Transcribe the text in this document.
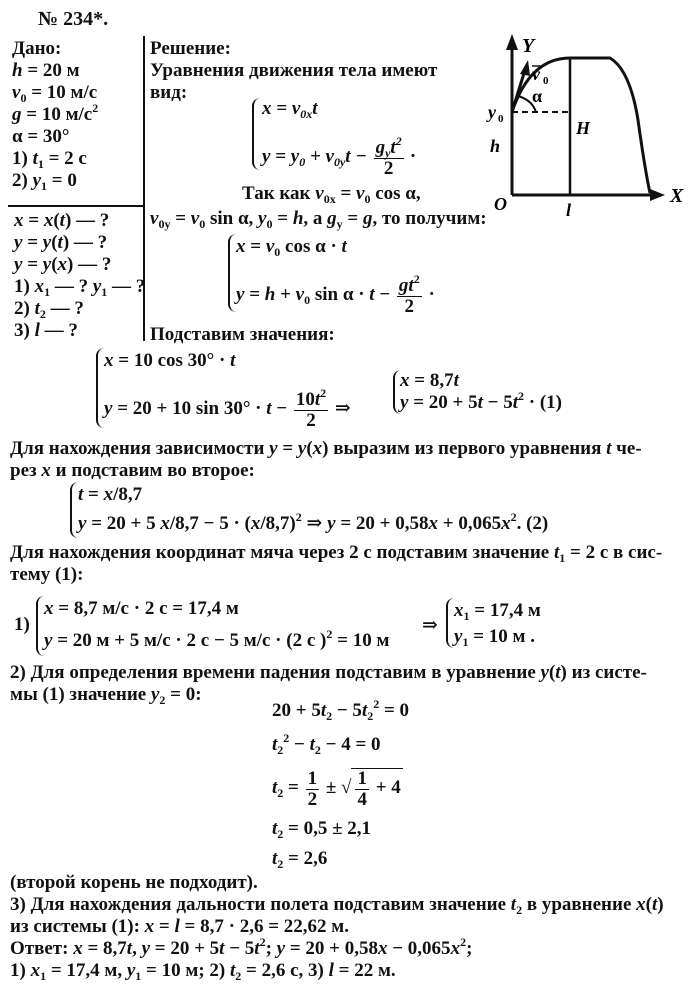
№ 234*.
Дано:
h = 20 м
$v_0 = 10$ м/с
g = 10 $м/с^2$
α = 30°
1) $t_1 = 2$ с
2) $y_1 = 0$
x = x(t) — ?
y = y(t) — ?
y = y(x) — ?
1) $x_1$ — ? $y_1$ — ?
2) $t_2$ — ?
3) l — ?
Решение:
Уравнения движения тела имеют
вид:
$x = v_{0x}t$
$y = y_0 + v_{0y}t - \frac{g_yt^2}{2}$ ·
Так как $v_{0x} = v_0$ cos α,
$v_{0y} = v_0$ sin α, $y_0 = h$, а $g_y = g$, то получим:
$x = v_0$ cos α · t
$y = h + v_0$ $\sin \alpha \cdot t - \frac{gt^2}{2}$ ·
Подставим значения:
x = 10 cos 30° · t
y = 20 + 10 $\sin 30^\circ \cdot t - \frac{10t^2}{2}$ ⇒
x = 8,7t
$y = 20 + 5t - 5t^2 \cdot (1)$
Для нахождения зависимости y = y(x) выразим из первого уравнения t че-
рез x и подставим во второе:
t = x/8,7
y = 20 + 5 $x/8,7 - 5 \cdot (x/8,7)^2$ ⇒ $y = 20 + 0,58x + 0,065x^2$. (2)
Для нахождения координат мяча через 2 с подставим значение $t_1 = 2$ с в сис-
тему (1):
1)
x = 8,7 м/с · 2 с = 17,4 м
y = 20 м + 5 м/с · 2 с − 5 м/с · (2 с )$^2$ = 10 м
⇒
$x_1 = 17,4$ м
$y_1 = 10$ м .
2) Для определения времени падения подставим в уравнение y(t) из систе-
мы (1) значение $y_2 = 0$:
$20 + 5t_2 - 5t_2^2 = 0$
$t_2^2 - t_2 - 4 = 0$
$t_2 = \frac{1}{2}$ ± √ $\frac{1}{4} + 4$
$t_2 = 0,5 \pm 2,1$
$t_2 = 2,6$
(второй корень не подходит).
3) Для нахождения дальности полета подставим значение $t_2$ в уравнение x(t)
из системы (1): x = l = 8,7 · 2,6 = 22,62 м.
Ответ: x = 8,7t, $y = 20 + 5t - 5t^2$; $y = 20 + 0,58x - 0,065x^2$;
1) $x_1 = 17,4$ м, $y_1 = 10$ м; 2) $t_2 = 2,6$ с, 3) l = 22 м.
Y
X
O
v 0
α
y 0
h
H
l
